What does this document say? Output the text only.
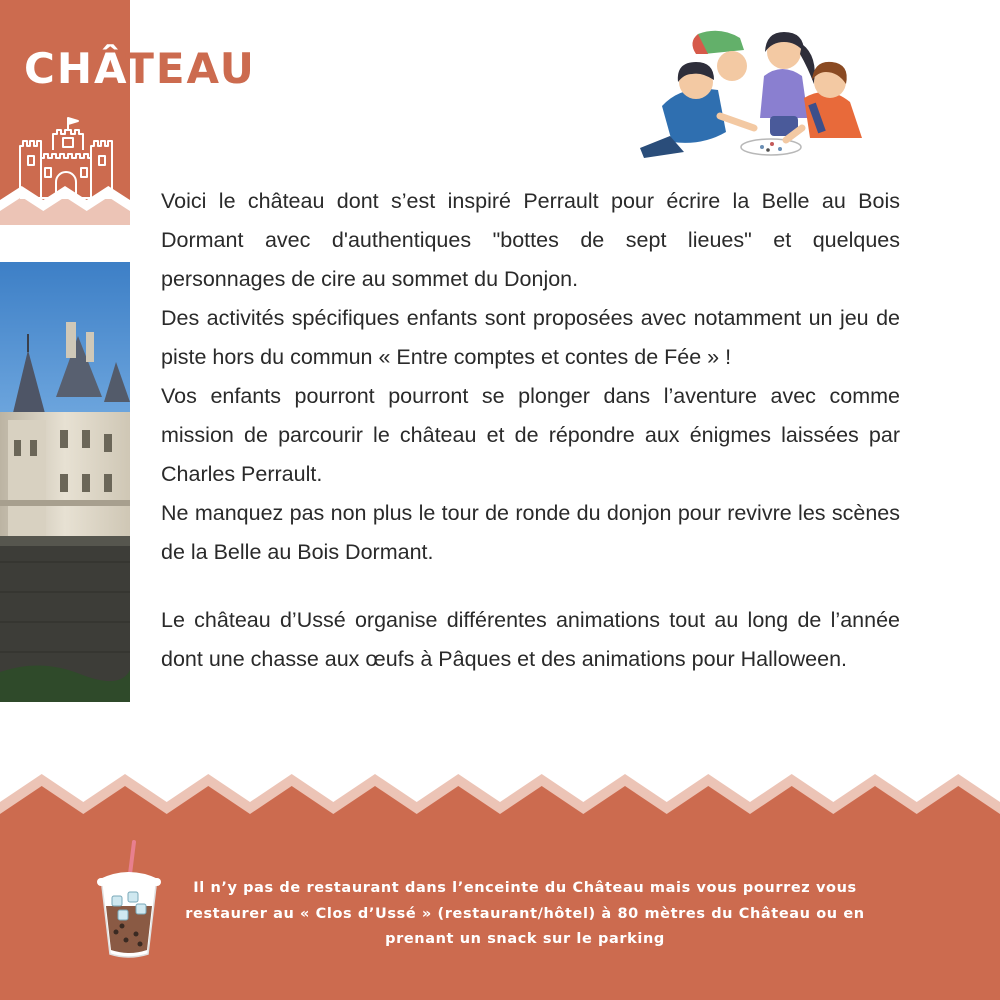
CHÂTEAU

Voici le château dont s’est inspiré Perrault pour écrire la Belle au Bois Dormant avec d'authentiques "bottes de sept lieues" et quelques personnages de cire au sommet du Donjon.

Des activités spécifiques enfants sont proposées avec notamment un jeu de piste hors du commun « Entre comptes et contes de Fée » !

Vos enfants pourront pourront se plonger dans l’aventure avec comme mission de parcourir le château et de répondre aux énigmes laissées par Charles Perrault.

Ne manquez pas non plus le tour de ronde du donjon pour revivre les scènes de la Belle au Bois Dormant.

Le château d’Ussé organise différentes animations tout au long de l’année dont une chasse aux œufs à Pâques et des animations pour Halloween.

Il n’y pas de restaurant dans l’enceinte du Château mais vous pourrez vous restaurer au « Clos d’Ussé » (restaurant/hôtel) à 80 mètres du Château ou en prenant un snack sur le parking
